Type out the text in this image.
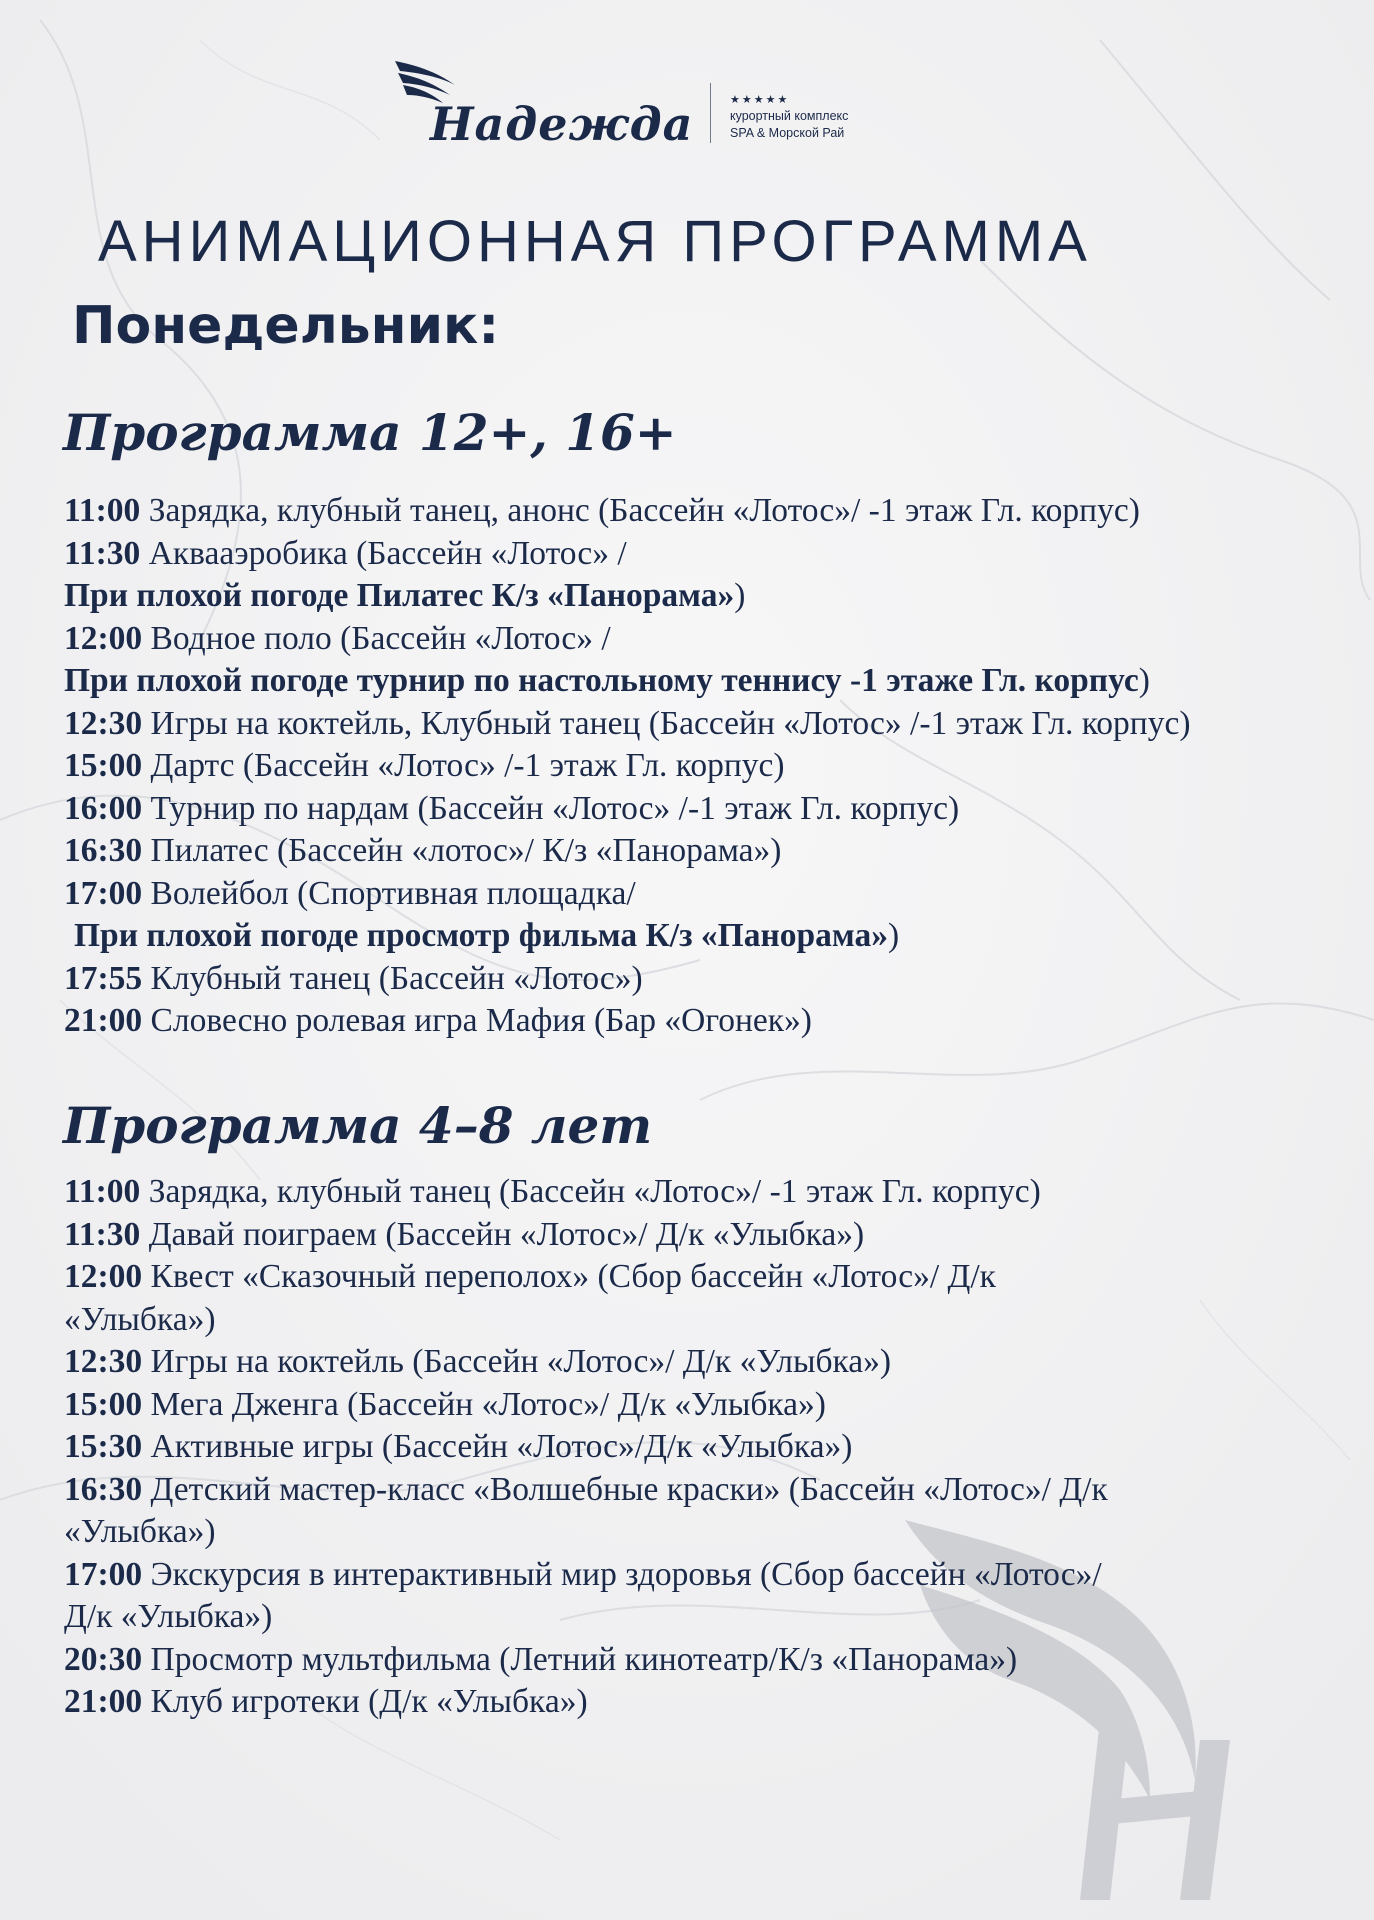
Надежда	★★★★★
курортный комплекс
SPA & Морской Рай
АНИМАЦИОННАЯ ПРОГРАММА
Понедельник:
Программа 12+, 16+
11:00 Зарядка, клубный танец, анонс (Бассейн «Лотос»/ -1 этаж Гл. корпус)
11:30 Аквааэробика (Бассейн «Лотос» /
При плохой погоде Пилатес К/з «Панорама»)
12:00 Водное поло (Бассейн «Лотос» /
При плохой погоде турнир по настольному теннису -1 этаже Гл. корпус)
12:30 Игры на коктейль, Клубный танец (Бассейн «Лотос» /-1 этаж Гл. корпус)
15:00 Дартс (Бассейн «Лотос» /-1 этаж Гл. корпус)
16:00 Турнир по нардам (Бассейн «Лотос» /-1 этаж Гл. корпус)
16:30 Пилатес (Бассейн «лотос»/ К/з «Панорама»)
17:00 Волейбол (Спортивная площадка/
При плохой погоде просмотр фильма К/з «Панорама»)
17:55 Клубный танец (Бассейн «Лотос»)
21:00 Словесно ролевая игра Мафия (Бар «Огонек»)
Программа 4–8 лет
11:00 Зарядка, клубный танец (Бассейн «Лотос»/ -1 этаж Гл. корпус)
11:30 Давай поиграем (Бассейн «Лотос»/ Д/к «Улыбка»)
12:00 Квест «Сказочный переполох» (Сбор бассейн «Лотос»/ Д/к
«Улыбка»)
12:30 Игры на коктейль (Бассейн «Лотос»/ Д/к «Улыбка»)
15:00 Мега Дженга (Бассейн «Лотос»/ Д/к «Улыбка»)
15:30 Активные игры (Бассейн «Лотос»/Д/к «Улыбка»)
16:30 Детский мастер-класс «Волшебные краски» (Бассейн «Лотос»/ Д/к
«Улыбка»)
17:00 Экскурсия в интерактивный мир здоровья (Сбор бассейн «Лотос»/
Д/к «Улыбка»)
20:30 Просмотр мультфильма (Летний кинотеатр/К/з «Панорама»)
21:00 Клуб игротеки (Д/к «Улыбка»)
